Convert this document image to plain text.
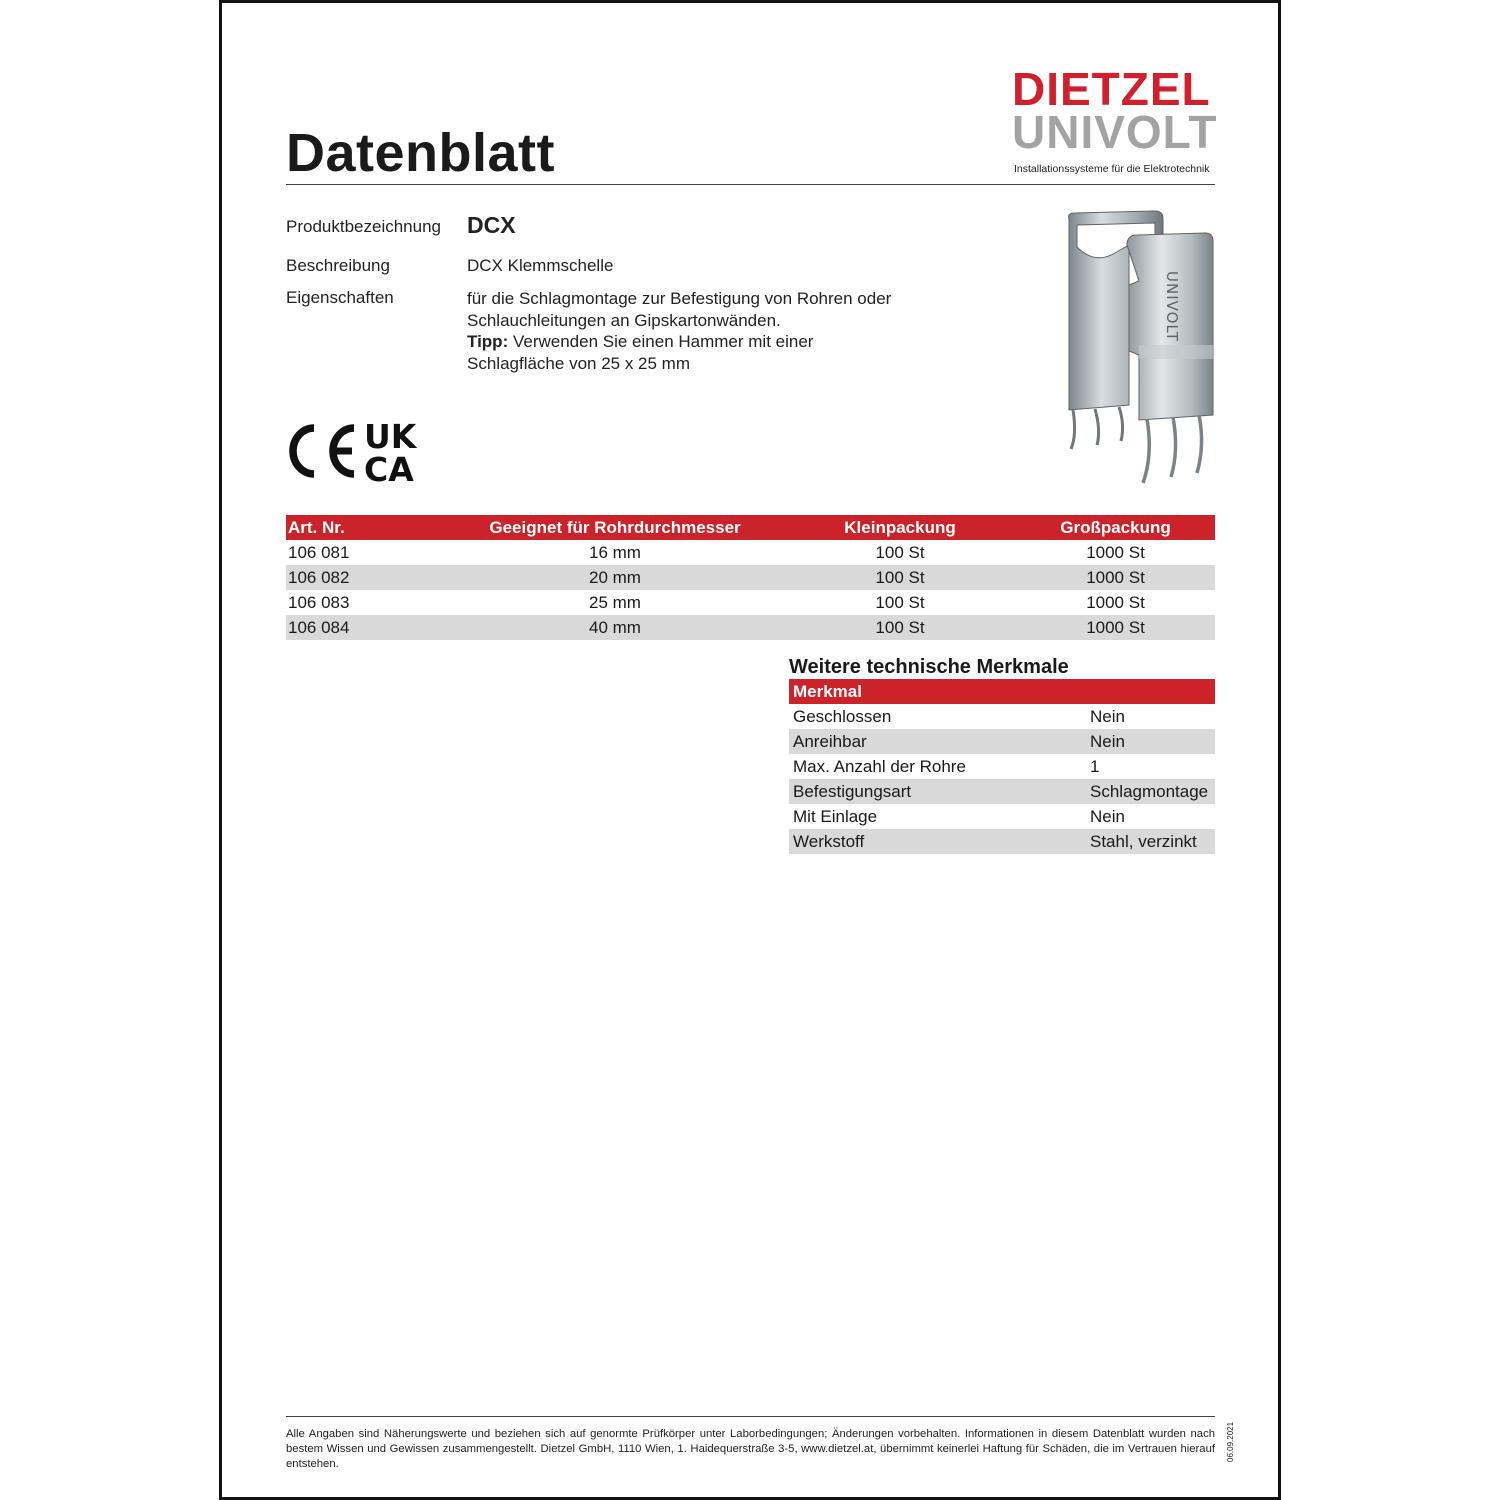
Datenblatt
DIETZEL
UNIVOLT
Installationssysteme für die Elektrotechnik
Produktbezeichnung DCX
Beschreibung	DCX Klemmschelle
Eigenschaften	für die Schlagmontage zur Befestigung von Rohren oder Schlauchleitungen an Gipskartonwänden.
Tipp: Verwenden Sie einen Hammer mit einer Schlagfläche von 25 x 25 mm
UK
CA
UNIVOLT
Art. Nr.	Geeignet für Rohrdurchmesser	Kleinpackung	Großpackung
106 081	16 mm	100 St	1000 St
106 082	20 mm	100 St	1000 St
106 083	25 mm	100 St	1000 St
106 084	40 mm	100 St	1000 St
Weitere technische Merkmale
Merkmal	
Geschlossen	Nein
Anreihbar	Nein
Max. Anzahl der Rohre	1
Befestigungsart	Schlagmontage
Mit Einlage	Nein
Werkstoff	Stahl, verzinkt
Alle Angaben sind Näherungswerte und beziehen sich auf genormte Prüfkörper unter Laborbedingungen; Änderungen vorbehalten. Informationen in diesem Datenblatt wurden nach bestem Wissen und Gewissen zusammengestellt. Dietzel GmbH, 1110 Wien, 1. Haidequerstraße 3-5, www.dietzel.at, übernimmt keinerlei Haftung für Schäden, die im Vertrauen hierauf entstehen.
06.09.2021
